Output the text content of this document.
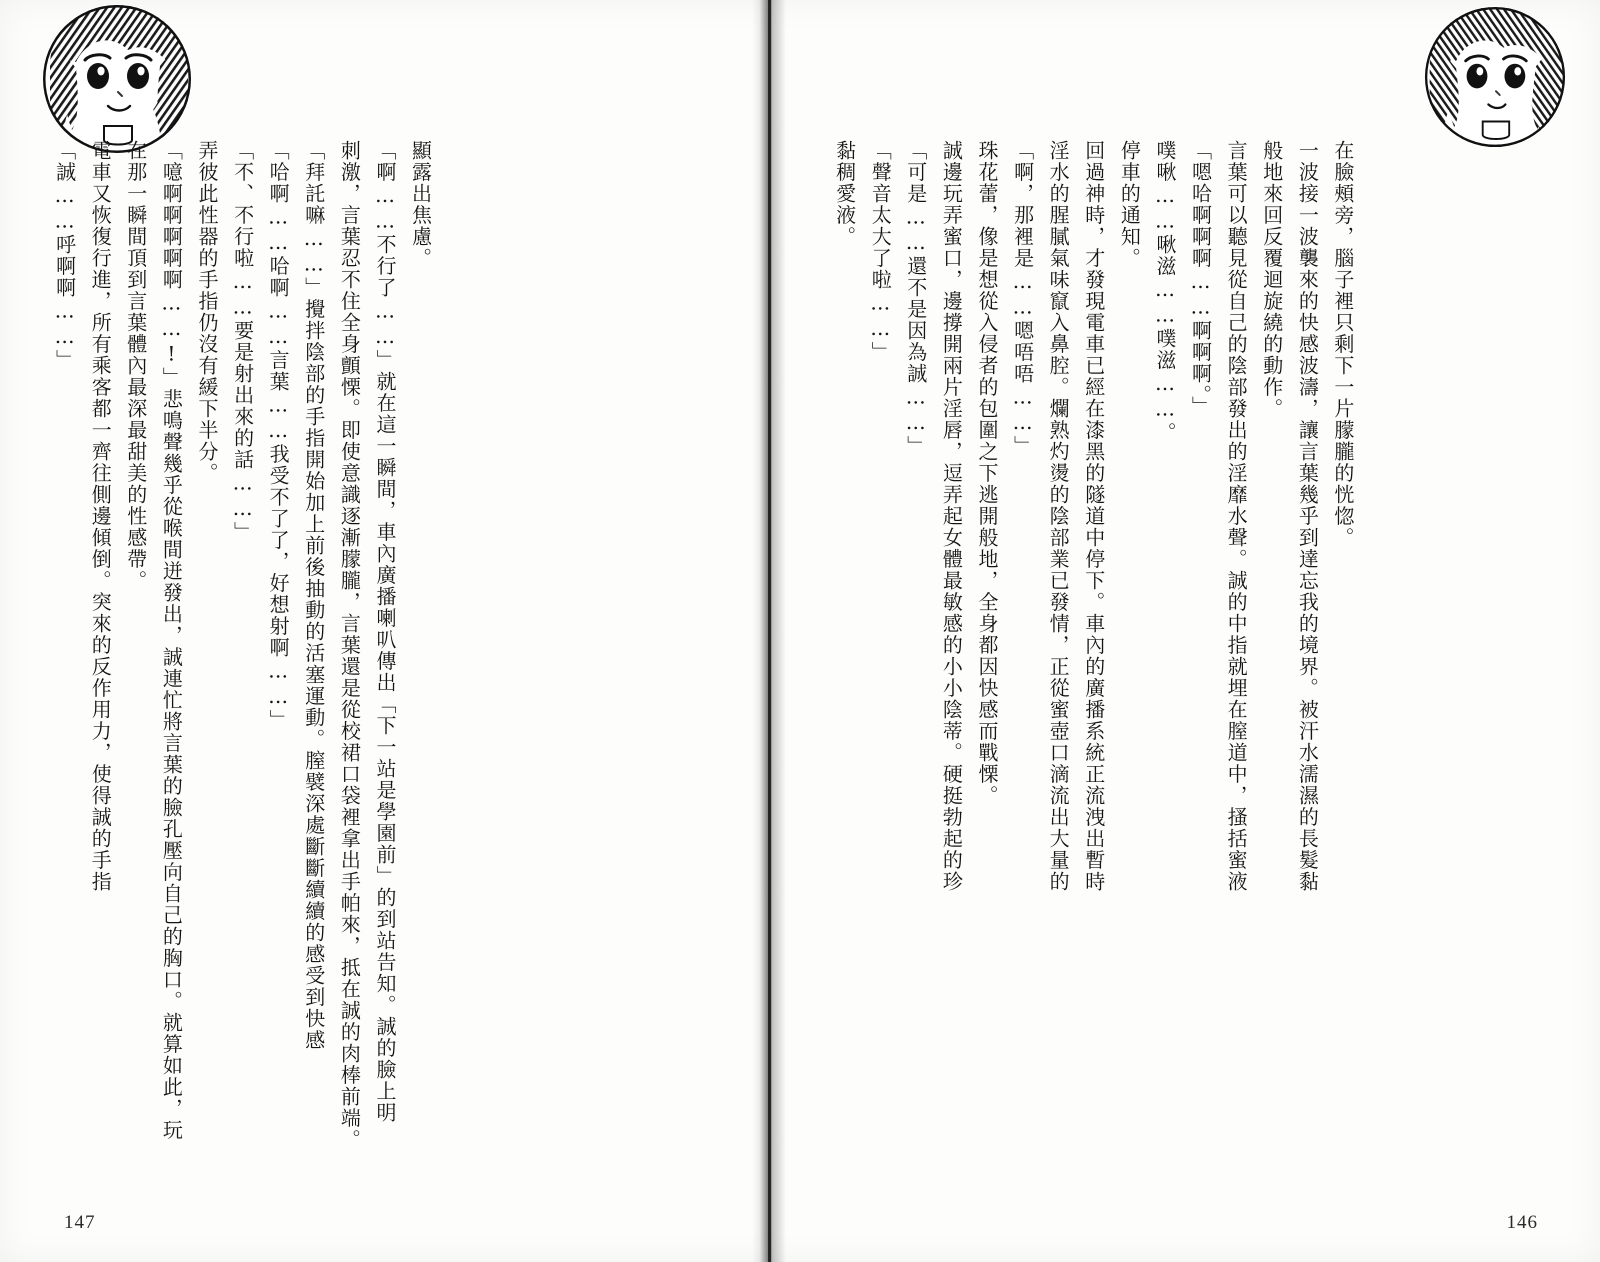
顯露出焦慮。

「啊……不行了……」就在這一瞬間，車內廣播喇叭傳出「下一站是學園前」的到站告知。誠的臉上明

刺激，言葉忍不住全身顫慄。即使意識逐漸朦朧，言葉還是從校裙口袋裡拿出手帕來，抵在誠的肉棒前端。

「拜託嘛……」攪拌陰部的手指開始加上前後抽動的活塞運動。膣襞深處斷斷續續的感受到快感

「哈啊……哈啊……言葉……我受不了了，好想射啊……」

「不、不行啦……要是射出來的話……」

弄彼此性器的手指仍沒有緩下半分。

「噫啊啊啊啊啊……!」悲鳴聲幾乎從喉間迸發出，誠連忙將言葉的臉孔壓向自己的胸口。就算如此，玩

在那一瞬間頂到言葉體內最深最甜美的性感帶。

電車又恢復行進，所有乘客都一齊往側邊傾倒。突來的反作用力，使得誠的手指

「誠……呼啊啊……」

147

在臉頰旁，腦子裡只剩下一片朦朧的恍惚。

一波接一波襲來的快感波濤，讓言葉幾乎到達忘我的境界。被汗水濡濕的長髮黏

般地來回反覆迴旋繞的動作。

言葉可以聽見從自己的陰部發出的淫靡水聲。誠的中指就埋在膣道中，搔括蜜液

「嗯哈啊啊啊……啊啊啊。」

噗啾……啾滋……噗滋……。

停車的通知。

回過神時，才發現電車已經在漆黑的隧道中停下。車內的廣播系統正流洩出暫時

淫水的腥膩氣味竄入鼻腔。爛熟灼燙的陰部業已發情，正從蜜壺口滴流出大量的

「啊，那裡是……嗯唔唔……」

珠花蕾，像是想從入侵者的包圍之下逃開般地，全身都因快感而戰慄。

誠邊玩弄蜜口，邊撐開兩片淫唇，逗弄起女體最敏感的小小陰蒂。硬挺勃起的珍

「可是……還不是因為誠……」

「聲音太大了啦……」

黏稠愛液。

146
